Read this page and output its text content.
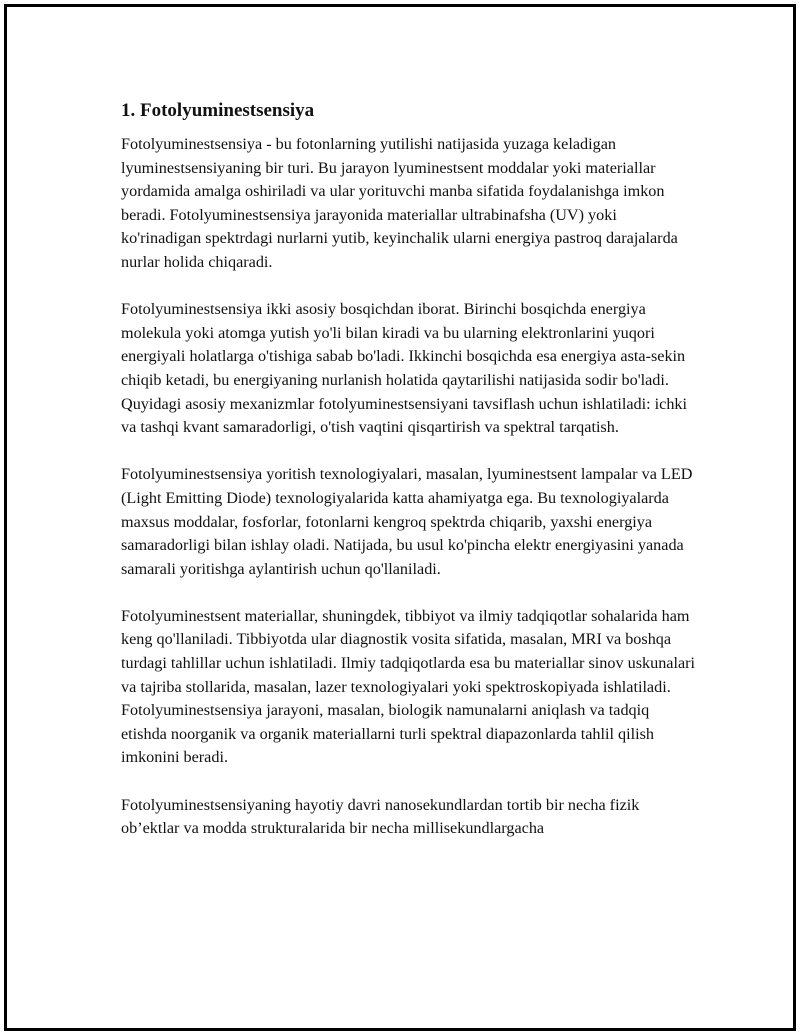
1. Fotolyuminestsensiya

Fotolyuminestsensiya - bu fotonlarning yutilishi natijasida yuzaga keladigan lyuminestsensiyaning bir turi. Bu jarayon lyuminestsent moddalar yoki materiallar yordamida amalga oshiriladi va ular yorituvchi manba sifatida foydalanishga imkon beradi. Fotolyuminestsensiya jarayonida materiallar ultrabinafsha (UV) yoki ko'rinadigan spektrdagi nurlarni yutib, keyinchalik ularni energiya pastroq darajalarda nurlar holida chiqaradi.

Fotolyuminestsensiya ikki asosiy bosqichdan iborat. Birinchi bosqichda energiya molekula yoki atomga yutish yo'li bilan kiradi va bu ularning elektronlarini yuqori energiyali holatlarga o'tishiga sabab bo'ladi. Ikkinchi bosqichda esa energiya asta-sekin chiqib ketadi, bu energiyaning nurlanish holatida qaytarilishi natijasida sodir bo'ladi. Quyidagi asosiy mexanizmlar fotolyuminestsensiyani tavsiflash uchun ishlatiladi: ichki va tashqi kvant samaradorligi, o'tish vaqtini qisqartirish va spektral tarqatish.

Fotolyuminestsensiya yoritish texnologiyalari, masalan, lyuminestsent lampalar va LED (Light Emitting Diode) texnologiyalarida katta ahamiyatga ega. Bu texnologiyalarda maxsus moddalar, fosforlar, fotonlarni kengroq spektrda chiqarib, yaxshi energiya samaradorligi bilan ishlay oladi. Natijada, bu usul ko'pincha elektr energiyasini yanada samarali yoritishga aylantirish uchun qo'llaniladi.

Fotolyuminestsent materiallar, shuningdek, tibbiyot va ilmiy tadqiqotlar sohalarida ham keng qo'llaniladi. Tibbiyotda ular diagnostik vosita sifatida, masalan, MRI va boshqa turdagi tahlillar uchun ishlatiladi. Ilmiy tadqiqotlarda esa bu materiallar sinov uskunalari va tajriba stollarida, masalan, lazer texnologiyalari yoki spektroskopiyada ishlatiladi. Fotolyuminestsensiya jarayoni, masalan, biologik namunalarni aniqlash va tadqiq etishda noorganik va organik materiallarni turli spektral diapazonlarda tahlil qilish imkonini beradi.

Fotolyuminestsensiyaning hayotiy davri nanosekundlardan tortib bir necha fizik ob’ektlar va modda strukturalarida bir necha millisekundlargacha
